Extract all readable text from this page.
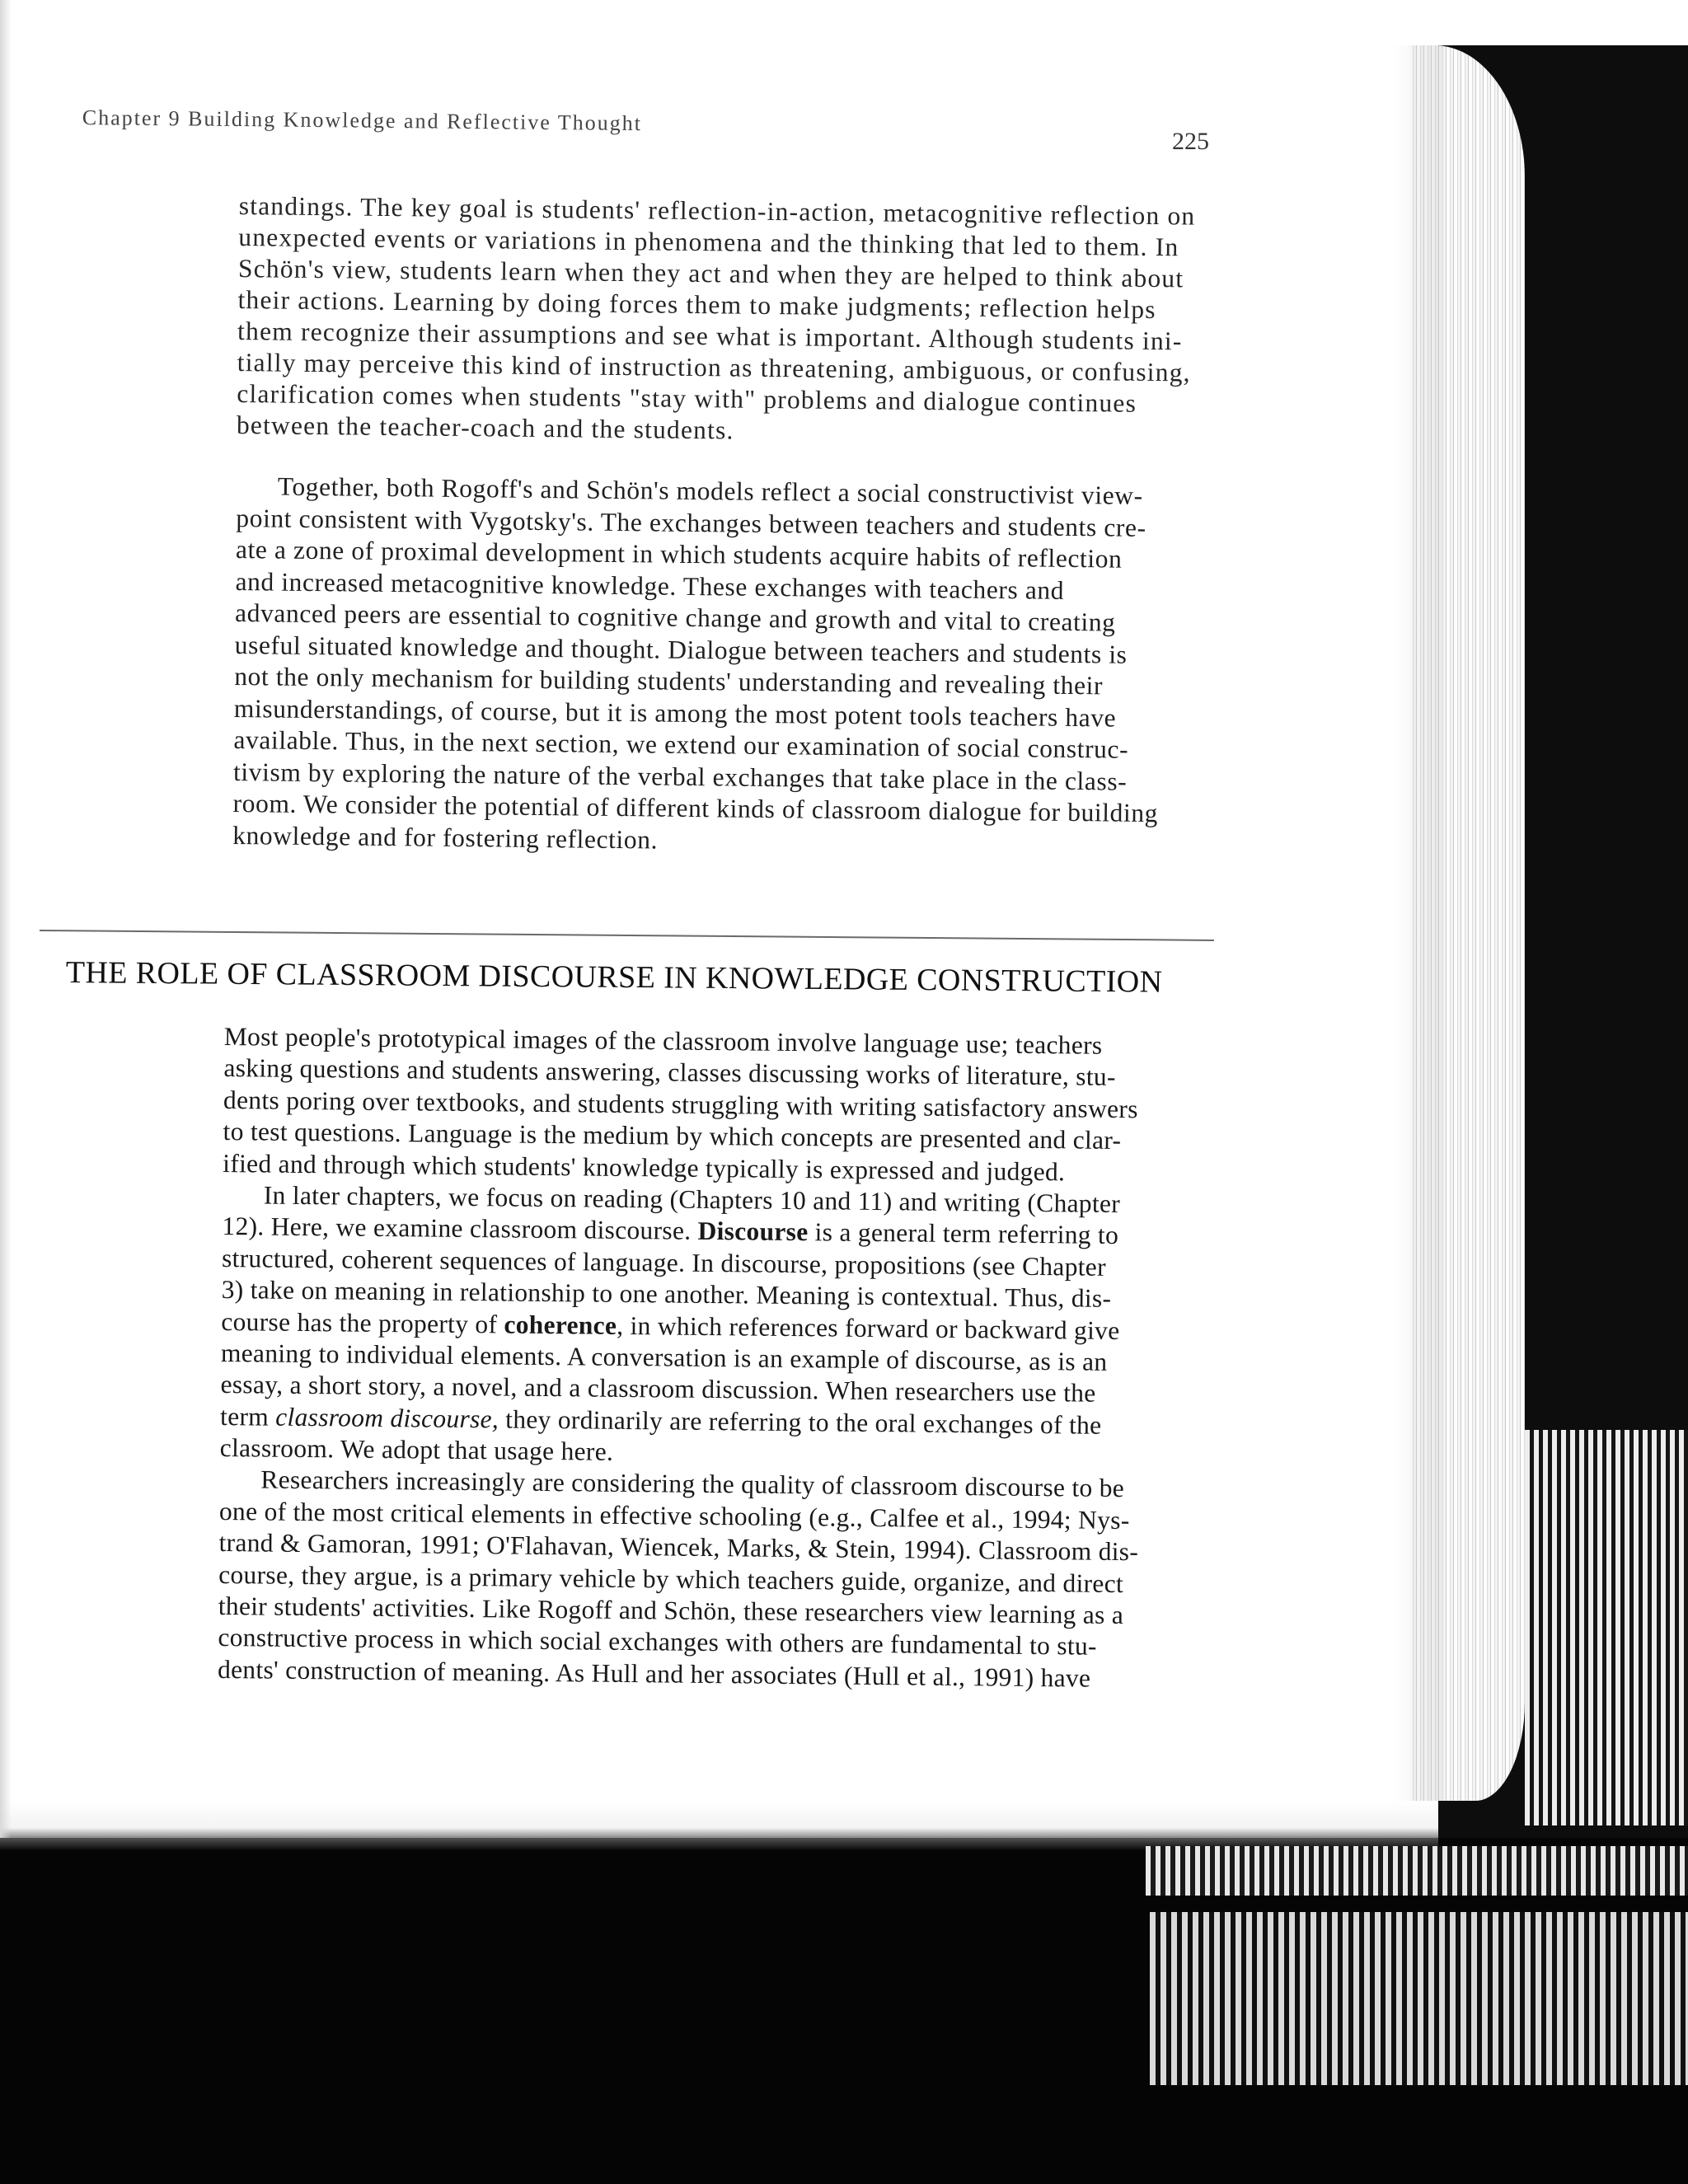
Chapter 9 Building Knowledge and Reflective Thought
225
standings. The key goal is students' reflection-in-action, metacognitive reflection on
unexpected events or variations in phenomena and the thinking that led to them. In
Schön's view, students learn when they act and when they are helped to think about
their actions. Learning by doing forces them to make judgments; reflection helps
them recognize their assumptions and see what is important. Although students ini-
tially may perceive this kind of instruction as threatening, ambiguous, or confusing,
clarification comes when students "stay with" problems and dialogue continues
between the teacher-coach and the students.
Together, both Rogoff's and Schön's models reflect a social constructivist view-
point consistent with Vygotsky's. The exchanges between teachers and students cre-
ate a zone of proximal development in which students acquire habits of reflection
and increased metacognitive knowledge. These exchanges with teachers and
advanced peers are essential to cognitive change and growth and vital to creating
useful situated knowledge and thought. Dialogue between teachers and students is
not the only mechanism for building students' understanding and revealing their
misunderstandings, of course, but it is among the most potent tools teachers have
available. Thus, in the next section, we extend our examination of social construc-
tivism by exploring the nature of the verbal exchanges that take place in the class-
room. We consider the potential of different kinds of classroom dialogue for building
knowledge and for fostering reflection.
THE ROLE OF CLASSROOM DISCOURSE IN KNOWLEDGE CONSTRUCTION
Most people's prototypical images of the classroom involve language use; teachers
asking questions and students answering, classes discussing works of literature, stu-
dents poring over textbooks, and students struggling with writing satisfactory answers
to test questions. Language is the medium by which concepts are presented and clar-
ified and through which students' knowledge typically is expressed and judged.
In later chapters, we focus on reading (Chapters 10 and 11) and writing (Chapter
12). Here, we examine classroom discourse. Discourse is a general term referring to
structured, coherent sequences of language. In discourse, propositions (see Chapter
3) take on meaning in relationship to one another. Meaning is contextual. Thus, dis-
course has the property of coherence, in which references forward or backward give
meaning to individual elements. A conversation is an example of discourse, as is an
essay, a short story, a novel, and a classroom discussion. When researchers use the
term classroom discourse, they ordinarily are referring to the oral exchanges of the
classroom. We adopt that usage here.
Researchers increasingly are considering the quality of classroom discourse to be
one of the most critical elements in effective schooling (e.g., Calfee et al., 1994; Nys-
trand & Gamoran, 1991; O'Flahavan, Wiencek, Marks, & Stein, 1994). Classroom dis-
course, they argue, is a primary vehicle by which teachers guide, organize, and direct
their students' activities. Like Rogoff and Schön, these researchers view learning as a
constructive process in which social exchanges with others are fundamental to stu-
dents' construction of meaning. As Hull and her associates (Hull et al., 1991) have
